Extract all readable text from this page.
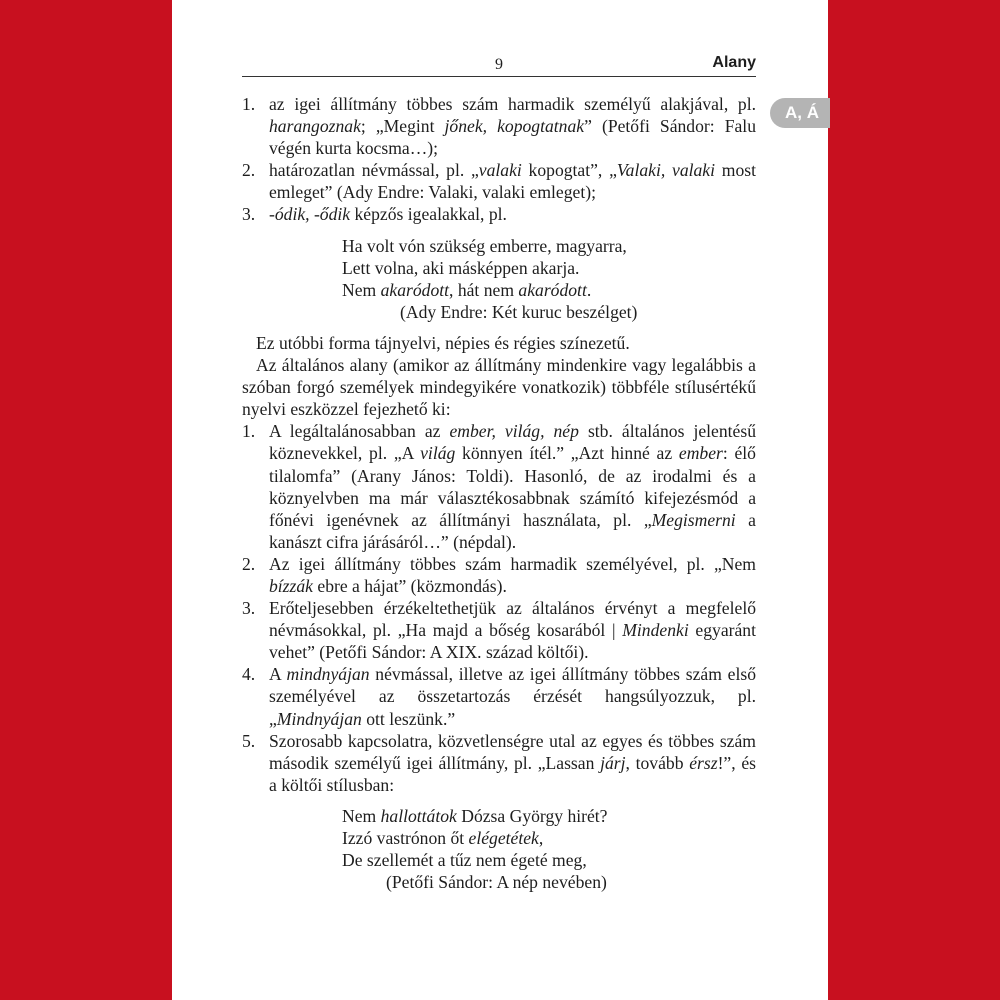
9	Alany

1. az igei állítmány többes szám harmadik személyű alakjával, pl. harangoznak; „Megint jőnek, kopogtatnak” (Petőfi Sándor: Falu végén kurta kocsma…);

2. határozatlan névmással, pl. „valaki kopogtat”, „Valaki, valaki most emleget” (Ady Endre: Valaki, valaki emleget);

3. -ódik, -ődik képzős igealakkal, pl.

Ha volt vón szükség emberre, magyarra,
Lett volna, aki másképpen akarja.
Nem akaródott, hát nem akaródott.
(Ady Endre: Két kuruc beszélget)

Ez utóbbi forma tájnyelvi, népies és régies színezetű.

Az általános alany (amikor az állítmány mindenkire vagy legalábbis a szóban forgó személyek mindegyikére vonatkozik) többféle stílusértékű nyelvi eszközzel fejezhető ki:

1. A legáltalánosabban az ember, világ, nép stb. általános jelentésű köznevekkel, pl. „A világ könnyen ítél.” „Azt hinné az ember: élő tilalomfa” (Arany János: Toldi). Hasonló, de az irodalmi és a köznyelvben ma már választékosabbnak számító kifejezésmód a főnévi igenévnek az állítmányi használata, pl. „Megismerni a kanászt cifra járásáról…” (népdal).

2. Az igei állítmány többes szám harmadik személyével, pl. „Nem bízzák ebre a hájat” (közmondás).

3. Erőteljesebben érzékeltethetjük az általános érvényt a megfelelő névmásokkal, pl. „Ha majd a bőség kosarából | Mindenki egyaránt vehet” (Petőfi Sándor: A XIX. század költői).

4. A mindnyájan névmással, illetve az igei állítmány többes szám első személyével az összetartozás érzését hangsúlyozzuk, pl. „Mindnyájan ott leszünk.”

5. Szorosabb kapcsolatra, közvetlenségre utal az egyes és többes szám második személyű igei állítmány, pl. „Lassan járj, tovább érsz!”, és a költői stílusban:

Nem hallottátok Dózsa György hirét?
Izzó vastrónon őt elégetétek,
De szellemét a tűz nem égeté meg,
(Petőfi Sándor: A nép nevében)
A, Á
